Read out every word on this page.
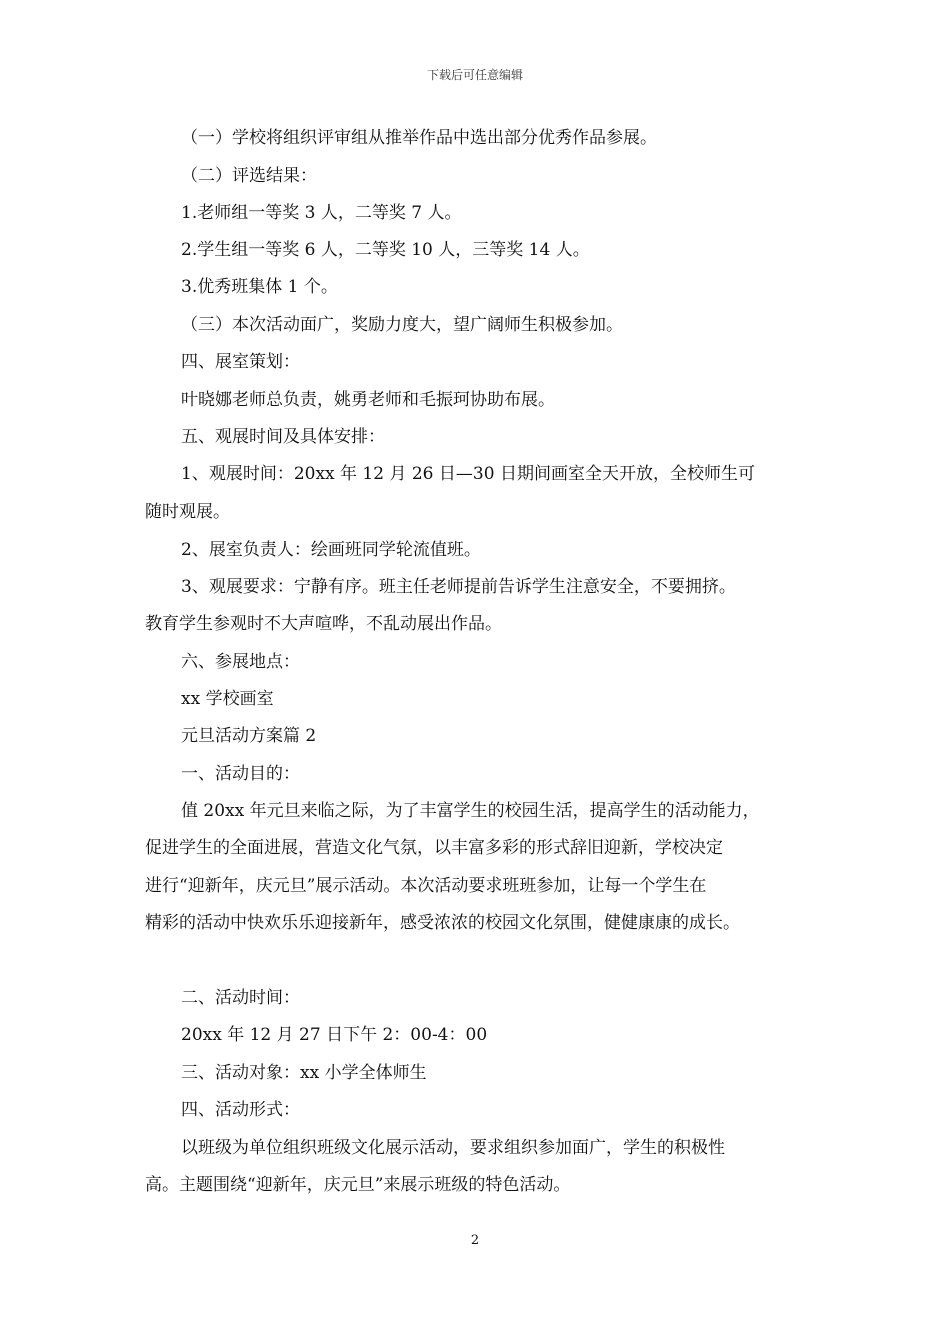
下载后可任意编辑
（一）学校将组织评审组从推举作品中选出部分优秀作品参展。
（二）评选结果：
1.老师组一等奖 3 人，二等奖 7 人。
2.学生组一等奖 6 人，二等奖 10 人，三等奖 14 人。
3.优秀班集体 1 个。
（三）本次活动面广，奖励力度大，望广阔师生积极参加。
四、展室策划：
叶晓娜老师总负责，姚勇老师和毛振珂协助布展。
五、观展时间及具体安排：
1、观展时间：20xx 年 12 月 26 日—30 日期间画室全天开放，全校师生可
随时观展。
2、展室负责人：绘画班同学轮流值班。
3、观展要求：宁静有序。班主任老师提前告诉学生注意安全，不要拥挤。
教育学生参观时不大声喧哗，不乱动展出作品。
六、参展地点：
xx 学校画室
元旦活动方案篇 2
一、活动目的：
值 20xx 年元旦来临之际，为了丰富学生的校园生活，提高学生的活动能力，
促进学生的全面进展，营造文化气氛，以丰富多彩的形式辞旧迎新，学校决定
进行“迎新年，庆元旦”展示活动。本次活动要求班班参加，让每一个学生在
精彩的活动中快欢乐乐迎接新年，感受浓浓的校园文化氛围，健健康康的成长。
二、活动时间：
20xx 年 12 月 27 日下午 2：00-4：00
三、活动对象：xx 小学全体师生
四、活动形式：
以班级为单位组织班级文化展示活动，要求组织参加面广，学生的积极性
高。主题围绕“迎新年，庆元旦”来展示班级的特色活动。
2
